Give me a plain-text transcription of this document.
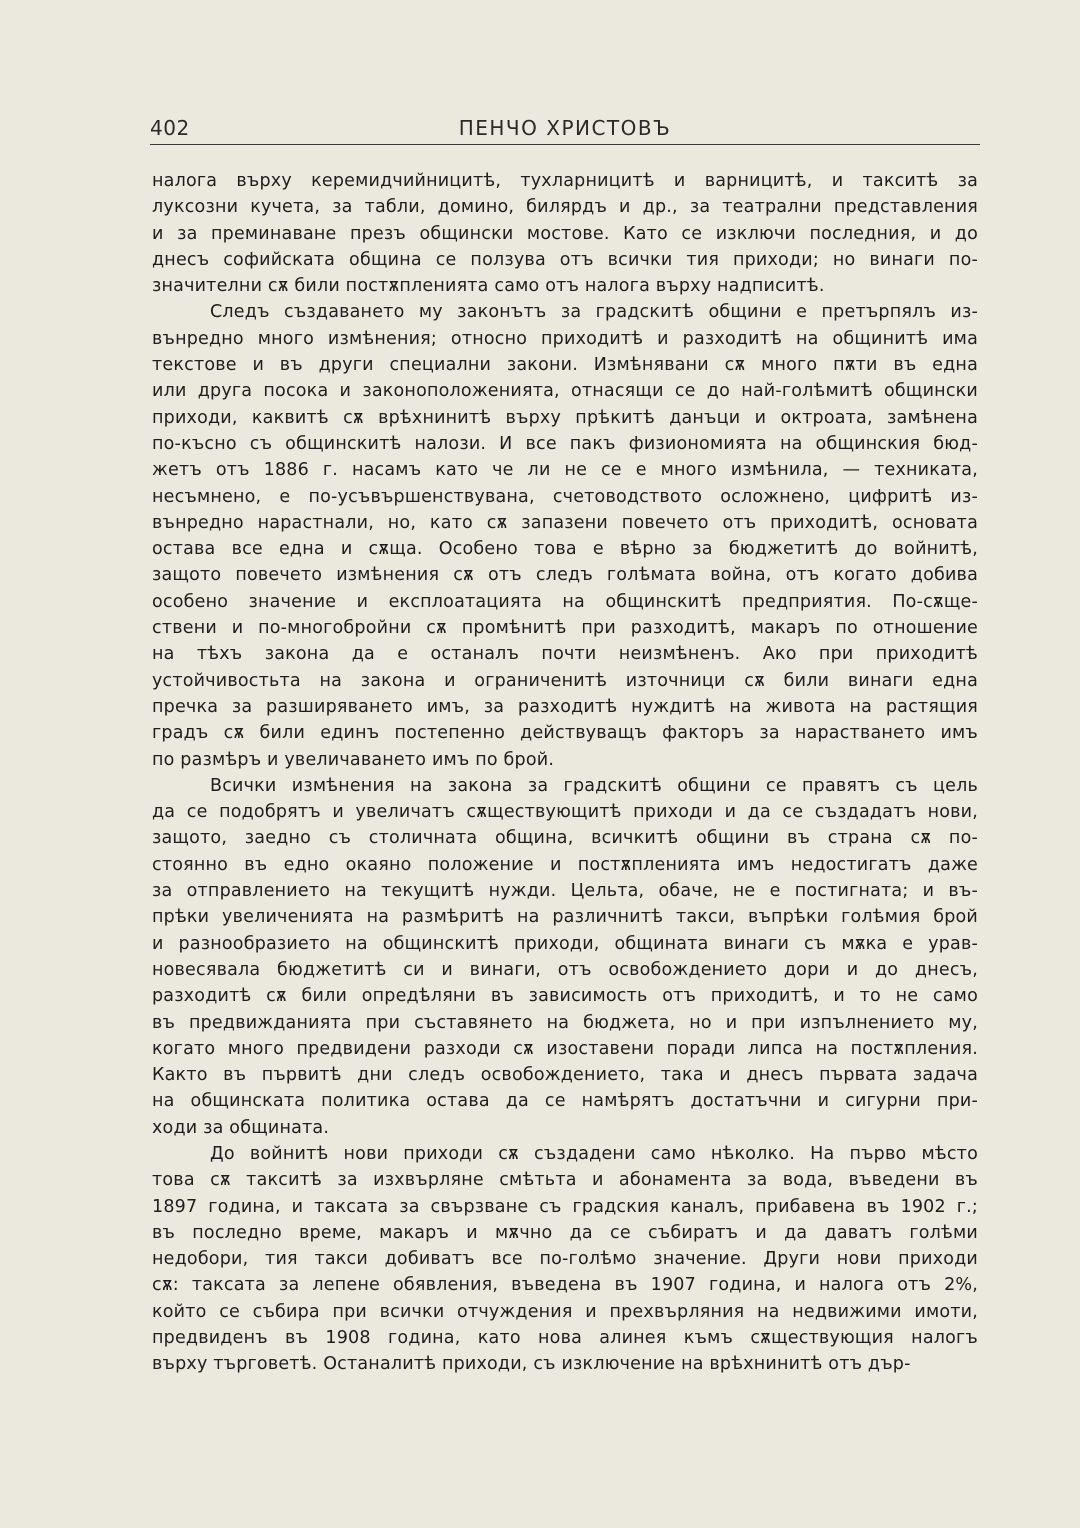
402	ПЕНЧО ХРИСТОВЪ
налога върху керемидчийницитѣ, тухларницитѣ и варницитѣ, и такситѣ за
луксозни кучета, за табли, домино, билярдъ и др., за театрални представления
и за преминаване презъ общински мостове. Като се изключи последния, и до
днесъ софийската община се ползува отъ всички тия приходи; но винаги по-
значителни сѫ били постѫпленията само отъ налога върху надписитѣ.
Следъ създаването му законътъ за градскитѣ общини е претърпялъ из-
вънредно много измѣнения; относно приходитѣ и разходитѣ на общинитѣ има
текстове и въ други специални закони. Измѣнявани сѫ много пѫти въ една
или друга посока и законоположенията, отнасящи се до най-голѣмитѣ общински
приходи, каквитѣ сѫ врѣхнинитѣ върху прѣкитѣ данъци и октроата, замѣнена
по-късно съ общинскитѣ налози. И все пакъ физиономията на общинския бюд-
жетъ отъ 1886 г. насамъ като че ли не се е много измѣнила, — техниката,
несъмнено, е по-усъвършенствувана, счетоводството осложнено, цифритѣ из-
вънредно нарастнали, но, като сѫ запазени повечето отъ приходитѣ, основата
остава все една и сѫща. Особено това е вѣрно за бюджетитѣ до войнитѣ,
защото повечето измѣнения сѫ отъ следъ голѣмата война, отъ когато добива
особено значение и експлоатацията на общинскитѣ предприятия. По-сѫще-
ствени и по-многобройни сѫ промѣнитѣ при разходитѣ, макаръ по отношение
на тѣхъ закона да е останалъ почти неизмѣненъ. Ако при приходитѣ
устойчивостьта на закона и ограниченитѣ източници сѫ били винаги една
пречка за разширяването имъ, за разходитѣ нуждитѣ на живота на растящия
градъ сѫ били единъ постепенно действуващъ факторъ за нарастването имъ
по размѣръ и увеличаването имъ по брой.
Всички измѣнения на закона за градскитѣ общини се правятъ съ цель
да се подобрятъ и увеличатъ сѫществующитѣ приходи и да се създадатъ нови,
защото, заедно съ столичната община, всичкитѣ общини въ страна сѫ по-
стоянно въ едно окаяно положение и постѫпленията имъ недостигатъ даже
за отправлението на текущитѣ нужди. Цельта, обаче, не е постигната; и въ-
прѣки увеличенията на размѣритѣ на различнитѣ такси, въпрѣки голѣмия брой
и разнообразието на общинскитѣ приходи, общината винаги съ мѫка е урав-
новесявала бюджетитѣ си и винаги, отъ освобождението дори и до днесъ,
разходитѣ сѫ били опредѣляни въ зависимость отъ приходитѣ, и то не само
въ предвижданията при съставянето на бюджета, но и при изпълнението му,
когато много предвидени разходи сѫ изоставени поради липса на постѫпления.
Както въ първитѣ дни следъ освобождението, така и днесъ първата задача
на общинската политика остава да се намѣрятъ достатъчни и сигурни при-
ходи за общината.
До войнитѣ нови приходи сѫ създадени само нѣколко. На първо мѣсто
това сѫ такситѣ за изхвърляне смѣтьта и абонамента за вода, въведени въ
1897 година, и таксата за свързване съ градския каналъ, прибавена въ 1902 г.;
въ последно време, макаръ и мѫчно да се събиратъ и да даватъ голѣми
недобори, тия такси добиватъ все по-голѣмо значение. Други нови приходи
сѫ: таксата за лепене обявления, въведена въ 1907 година, и налога отъ 2%,
който се събира при всички отчуждения и прехвърляния на недвижими имоти,
предвиденъ въ 1908 година, като нова алинея къмъ сѫществующия налогъ
върху търговетѣ. Останалитѣ приходи, съ изключение на врѣхнинитѣ отъ дър-
